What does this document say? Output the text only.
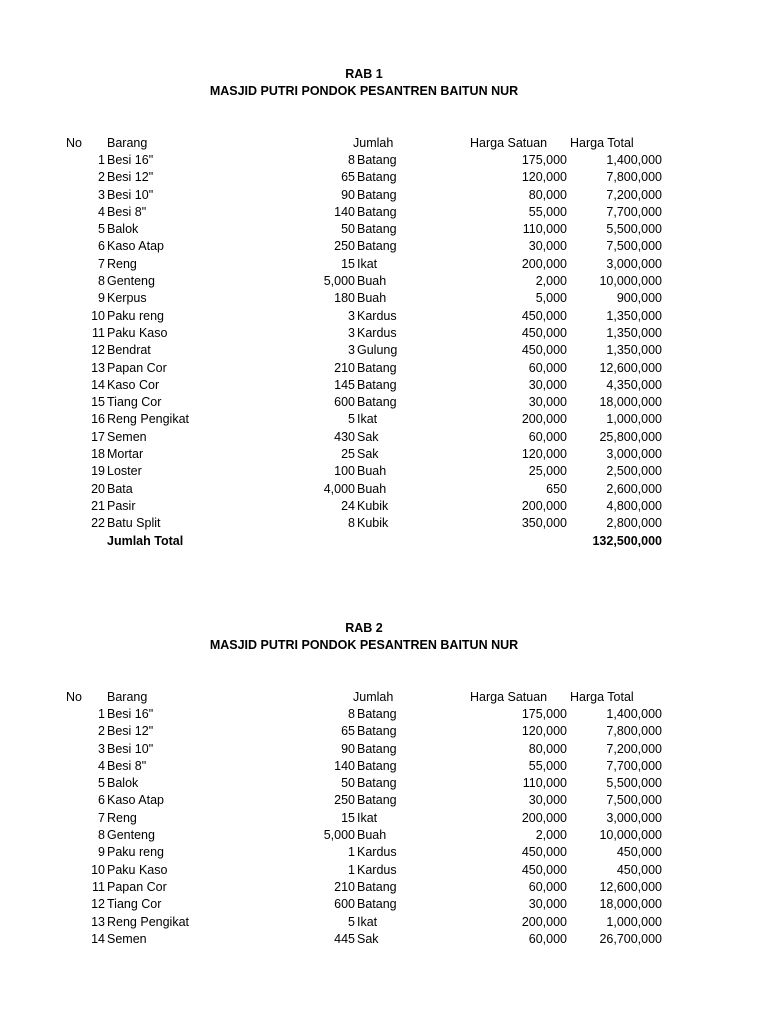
RAB 1
MASJID PUTRI PONDOK PESANTREN BAITUN NUR
No Barang	Jumlah	Harga Satuan Harga Total
1 Besi 16"	8 Batang	175,000	1,400,000
2 Besi 12"	65 Batang	120,000	7,800,000
3 Besi 10"	90 Batang	80,000	7,200,000
4 Besi 8"	140 Batang	55,000	7,700,000
5 Balok	50 Batang	110,000	5,500,000
6 Kaso Atap	250 Batang	30,000	7,500,000
7 Reng	15 Ikat	200,000	3,000,000
8 Genteng	5,000 Buah	2,000	10,000,000
9 Kerpus	180 Buah	5,000	900,000
10 Paku reng	3 Kardus	450,000	1,350,000
11 Paku Kaso	3 Kardus	450,000	1,350,000
12 Bendrat	3 Gulung	450,000	1,350,000
13 Papan Cor	210 Batang	60,000	12,600,000
14 Kaso Cor	145 Batang	30,000	4,350,000
15 Tiang Cor	600 Batang	30,000	18,000,000
16 Reng Pengikat	5 Ikat	200,000	1,000,000
17 Semen	430 Sak	60,000	25,800,000
18 Mortar	25 Sak	120,000	3,000,000
19 Loster	100 Buah	25,000	2,500,000
20 Bata	4,000 Buah	650	2,600,000
21 Pasir	24 Kubik	200,000	4,800,000
22 Batu Split	8 Kubik	350,000	2,800,000
Jumlah Total	132,500,000
RAB 2
MASJID PUTRI PONDOK PESANTREN BAITUN NUR
No Barang	Jumlah	Harga Satuan Harga Total
1 Besi 16"	8 Batang	175,000	1,400,000
2 Besi 12"	65 Batang	120,000	7,800,000
3 Besi 10"	90 Batang	80,000	7,200,000
4 Besi 8"	140 Batang	55,000	7,700,000
5 Balok	50 Batang	110,000	5,500,000
6 Kaso Atap	250 Batang	30,000	7,500,000
7 Reng	15 Ikat	200,000	3,000,000
8 Genteng	5,000 Buah	2,000	10,000,000
9 Paku reng	1 Kardus	450,000	450,000
10 Paku Kaso	1 Kardus	450,000	450,000
11 Papan Cor	210 Batang	60,000	12,600,000
12 Tiang Cor	600 Batang	30,000	18,000,000
13 Reng Pengikat	5 Ikat	200,000	1,000,000
14 Semen	445 Sak	60,000	26,700,000
